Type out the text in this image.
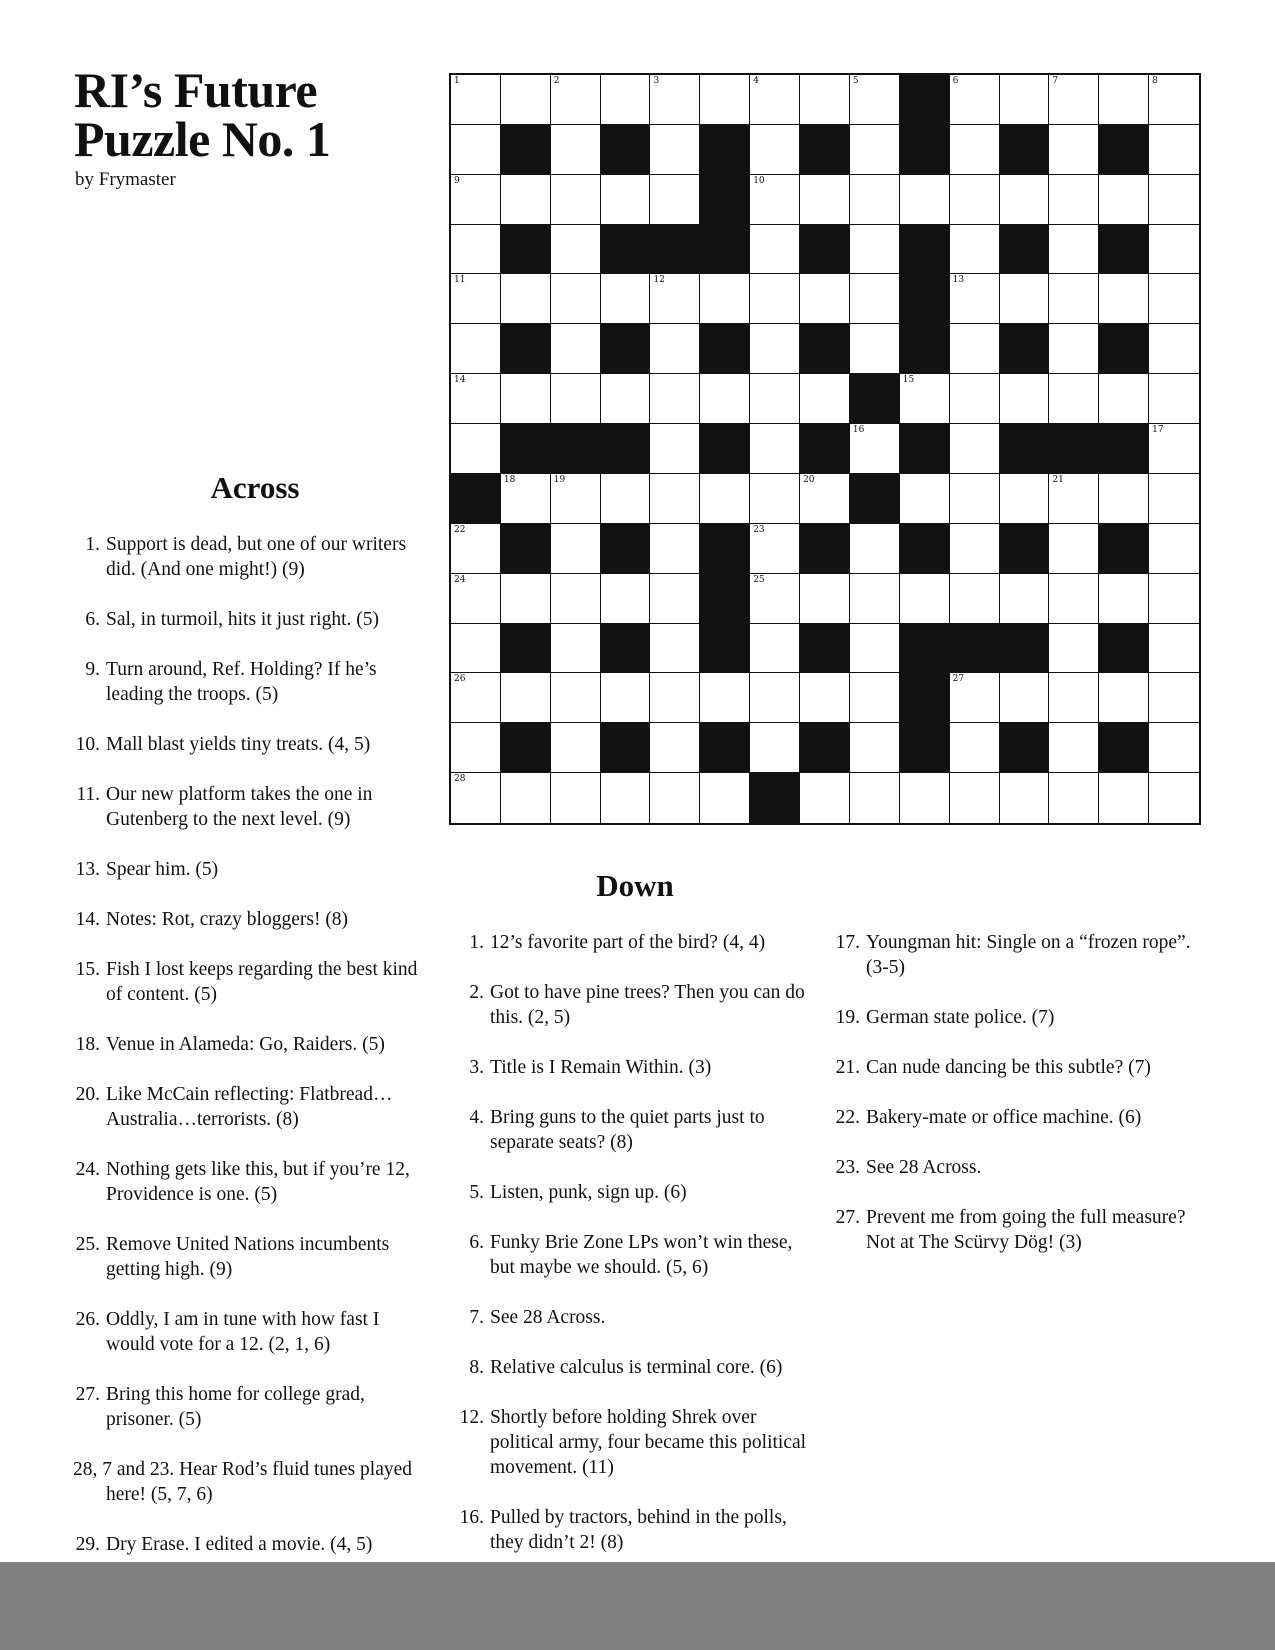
RI’s Future
Puzzle No. 1
by Frymaster
1	2	3	4	5	6	7	8
9	10
11	12	13
14	15
16	17
18	19	20	21
22	23
24	25
26	27
28
Across
1. Support is dead, but one of our writers did. (And one might!) (9)
6. Sal, in turmoil, hits it just right. (5)
9. Turn around, Ref. Holding? If he’s leading the troops. (5)
10. Mall blast yields tiny treats. (4, 5)
11. Our new platform takes the one in Gutenberg to the next level. (9)
13. Spear him. (5)
14. Notes: Rot, crazy bloggers! (8)
15. Fish I lost keeps regarding the best kind of content. (5)
18. Venue in Alameda: Go, Raiders. (5)
20. Like McCain reflecting: Flatbread… Australia…terrorists. (8)
24. Nothing gets like this, but if you’re 12, Providence is one. (5)
25. Remove United Nations incumbents getting high. (9)
26. Oddly, I am in tune with how fast I would vote for a 12. (2, 1, 6)
27. Bring this home for college grad, prisoner. (5)
28, 7 and 23. Hear Rod’s fluid tunes played here! (5, 7, 6)
29. Dry Erase. I edited a movie. (4, 5)
Down
1. 12’s favorite part of the bird? (4, 4)
2. Got to have pine trees? Then you can do this. (2, 5)
3. Title is I Remain Within. (3)
4. Bring guns to the quiet parts just to separate seats? (8)
5. Listen, punk, sign up. (6)
6. Funky Brie Zone LPs won’t win these, but maybe we should. (5, 6)
7. See 28 Across.
8. Relative calculus is terminal core. (6)
12. Shortly before holding Shrek over political army, four became this political movement. (11)
16. Pulled by tractors, behind in the polls, they didn’t 2! (8)
17. Youngman hit: Single on a “frozen rope”. (3-5)
19. German state police. (7)
21. Can nude dancing be this subtle? (7)
22. Bakery-mate or office machine. (6)
23. See 28 Across.
27. Prevent me from going the full measure? Not at The Scürvy Dög! (3)
